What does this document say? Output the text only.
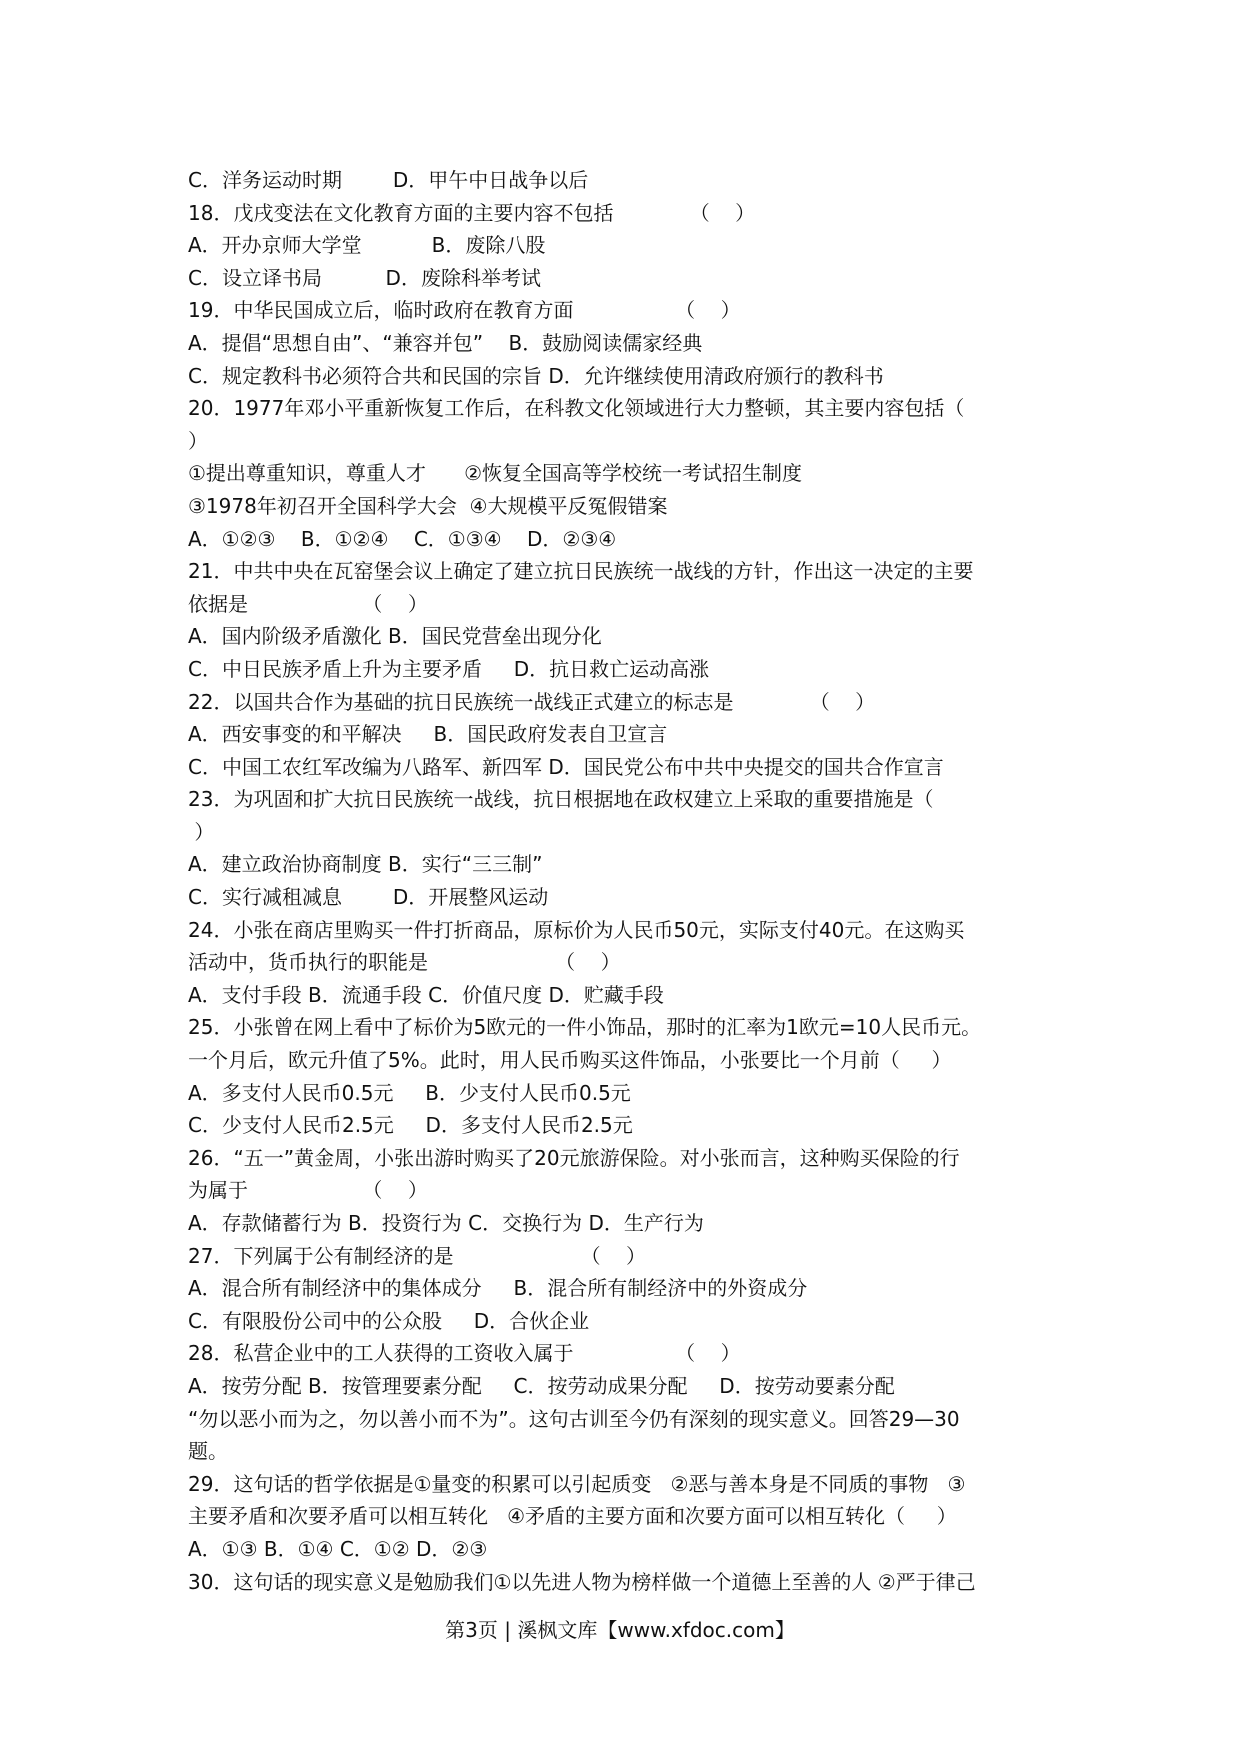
C．洋务运动时期        D．甲午中日战争以后
18．戊戌变法在文化教育方面的主要内容不包括            （    ）
A．开办京师大学堂           B．废除八股
C．设立译书局          D．废除科举考试
19．中华民国成立后，临时政府在教育方面                （    ）
A．提倡“思想自由”、“兼容并包”    B．鼓励阅读儒家经典
C．规定教科书必须符合共和民国的宗旨 D．允许继续使用清政府颁行的教科书
20．1977年邓小平重新恢复工作后，在科教文化领域进行大力整顿，其主要内容包括（
）
①提出尊重知识，尊重人才      ②恢复全国高等学校统一考试招生制度
③1978年初召开全国科学大会  ④大规模平反冤假错案
A．①②③    B．①②④    C．①③④    D．②③④
21．中共中央在瓦窑堡会议上确定了建立抗日民族统一战线的方针，作出这一决定的主要
依据是                  （    ）
A．国内阶级矛盾激化 B．国民党营垒出现分化
C．中日民族矛盾上升为主要矛盾     D．抗日救亡运动高涨
22．以国共合作为基础的抗日民族统一战线正式建立的标志是            （    ）
A．西安事变的和平解决     B．国民政府发表自卫宣言
C．中国工农红军改编为八路军、新四军 D．国民党公布中共中央提交的国共合作宣言
23．为巩固和扩大抗日民族统一战线，抗日根据地在政权建立上采取的重要措施是（
）
A．建立政治协商制度 B．实行“三三制”
C．实行减租减息        D．开展整风运动
24．小张在商店里购买一件打折商品，原标价为人民币50元，实际支付40元。在这购买
活动中，货币执行的职能是                    （    ）
A．支付手段 B．流通手段 C．价值尺度 D．贮藏手段
25．小张曾在网上看中了标价为5欧元的一件小饰品，那时的汇率为1欧元=10人民币元。
一个月后，欧元升值了5%。此时，用人民币购买这件饰品，小张要比一个月前（     ）
A．多支付人民币0.5元     B．少支付人民币0.5元
C．少支付人民币2.5元     D．多支付人民币2.5元
26．“五一”黄金周，小张出游时购买了20元旅游保险。对小张而言，这种购买保险的行
为属于                  （    ）
A．存款储蓄行为 B．投资行为 C．交换行为 D．生产行为
27．下列属于公有制经济的是                    （    ）
A．混合所有制经济中的集体成分     B．混合所有制经济中的外资成分
C．有限股份公司中的公众股     D．合伙企业
28．私营企业中的工人获得的工资收入属于                （    ）
A．按劳分配 B．按管理要素分配     C．按劳动成果分配     D．按劳动要素分配
“勿以恶小而为之，勿以善小而不为”。这句古训至今仍有深刻的现实意义。回答29—30
题。
29．这句话的哲学依据是①量变的积累可以引起质变   ②恶与善本身是不同质的事物   ③
主要矛盾和次要矛盾可以相互转化   ④矛盾的主要方面和次要方面可以相互转化（     ）
A．①③ B．①④ C．①② D．②③
30．这句话的现实意义是勉励我们①以先进人物为榜样做一个道德上至善的人 ②严于律己
第3页 | 溪枫文库【www.xfdoc.com】
